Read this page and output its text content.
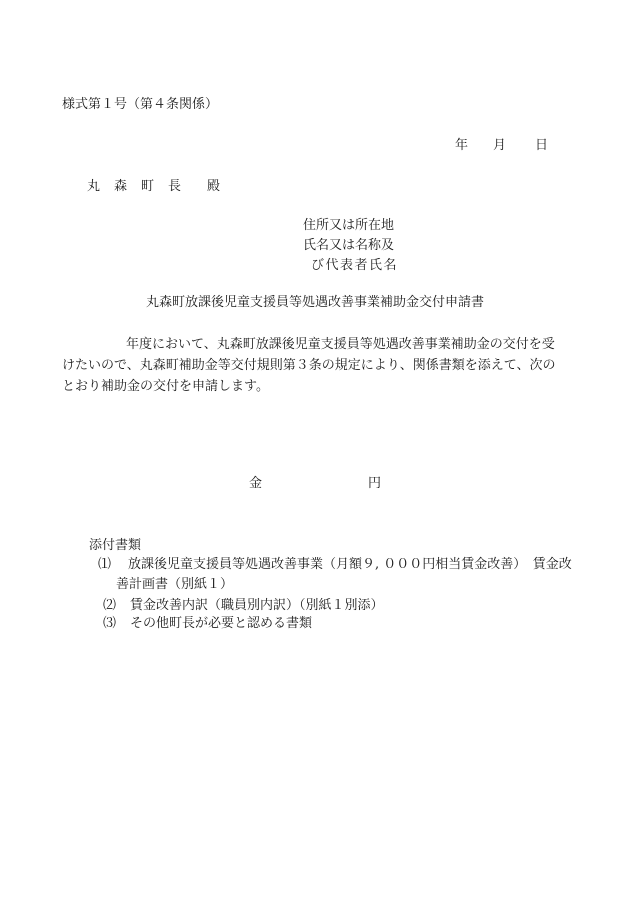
様式第１号（第４条関係）
年 月 日
丸 森 町 長 殿
住所又は所在地
氏名又は名称及
び代表者氏名
丸森町放課後児童支援員等処遇改善事業補助金交付申請書
年度において、丸森町放課後児童支援員等処遇改善事業補助金の交付を受
けたいので、丸森町補助金等交付規則第３条の規定により、関係書類を添えて、次の
とおり補助金の交付を申請します。
金	円
添付書類
⑴ 放課後児童支援員等処遇改善事業（月額９, ０００円相当賃金改善）　賃金改
善計画書（別紙１）
⑵ 賃金改善内訳（職員別内訳）（別紙１別添）
⑶ その他町長が必要と認める書類
